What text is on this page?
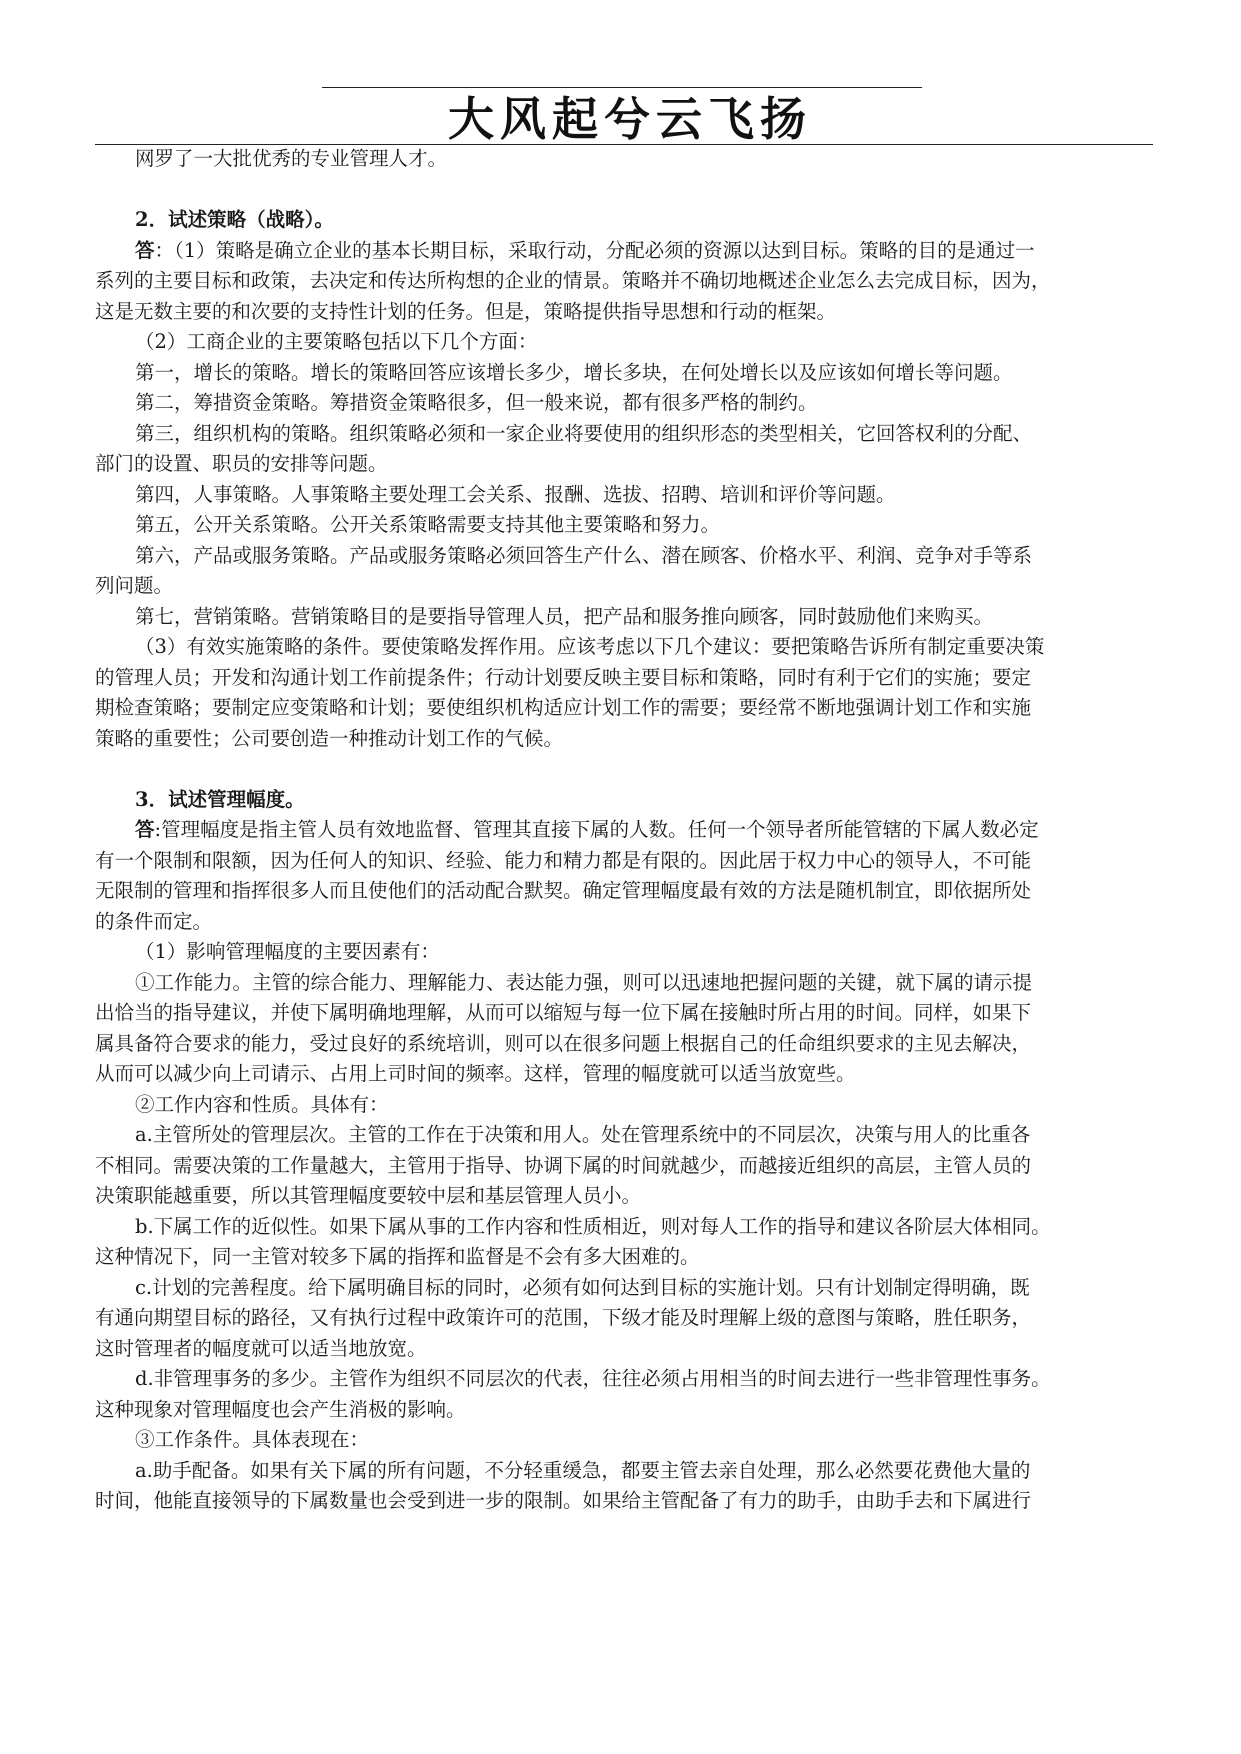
大风起兮云飞扬
网罗了一大批优秀的专业管理人才。
2．试述策略（战略）。
答：（1）策略是确立企业的基本长期目标，采取行动，分配必须的资源以达到目标。策略的目的是通过一
系列的主要目标和政策，去决定和传达所构想的企业的情景。策略并不确切地概述企业怎么去完成目标，因为，
这是无数主要的和次要的支持性计划的任务。但是，策略提供指导思想和行动的框架。
（2）工商企业的主要策略包括以下几个方面：
第一，增长的策略。增长的策略回答应该增长多少，增长多块，在何处增长以及应该如何增长等问题。
第二，筹措资金策略。筹措资金策略很多，但一般来说，都有很多严格的制约。
第三，组织机构的策略。组织策略必须和一家企业将要使用的组织形态的类型相关，它回答权利的分配、
部门的设置、职员的安排等问题。
第四，人事策略。人事策略主要处理工会关系、报酬、选拔、招聘、培训和评价等问题。
第五，公开关系策略。公开关系策略需要支持其他主要策略和努力。
第六，产品或服务策略。产品或服务策略必须回答生产什么、潜在顾客、价格水平、利润、竞争对手等系
列问题。
第七，营销策略。营销策略目的是要指导管理人员，把产品和服务推向顾客，同时鼓励他们来购买。
（3）有效实施策略的条件。要使策略发挥作用。应该考虑以下几个建议：要把策略告诉所有制定重要决策
的管理人员；开发和沟通计划工作前提条件；行动计划要反映主要目标和策略，同时有利于它们的实施；要定
期检查策略；要制定应变策略和计划；要使组织机构适应计划工作的需要；要经常不断地强调计划工作和实施
策略的重要性；公司要创造一种推动计划工作的气候。
3．试述管理幅度。
答:管理幅度是指主管人员有效地监督、管理其直接下属的人数。任何一个领导者所能管辖的下属人数必定
有一个限制和限额，因为任何人的知识、经验、能力和精力都是有限的。因此居于权力中心的领导人，不可能
无限制的管理和指挥很多人而且使他们的活动配合默契。确定管理幅度最有效的方法是随机制宜，即依据所处
的条件而定。
（1）影响管理幅度的主要因素有：
①工作能力。主管的综合能力、理解能力、表达能力强，则可以迅速地把握问题的关键，就下属的请示提
出恰当的指导建议，并使下属明确地理解，从而可以缩短与每一位下属在接触时所占用的时间。同样，如果下
属具备符合要求的能力，受过良好的系统培训，则可以在很多问题上根据自己的任命组织要求的主见去解决，
从而可以减少向上司请示、占用上司时间的频率。这样，管理的幅度就可以适当放宽些。
②工作内容和性质。具体有：
a.主管所处的管理层次。主管的工作在于决策和用人。处在管理系统中的不同层次，决策与用人的比重各
不相同。需要决策的工作量越大，主管用于指导、协调下属的时间就越少，而越接近组织的高层，主管人员的
决策职能越重要，所以其管理幅度要较中层和基层管理人员小。
b.下属工作的近似性。如果下属从事的工作内容和性质相近，则对每人工作的指导和建议各阶层大体相同。
这种情况下，同一主管对较多下属的指挥和监督是不会有多大困难的。
c.计划的完善程度。给下属明确目标的同时，必须有如何达到目标的实施计划。只有计划制定得明确，既
有通向期望目标的路径，又有执行过程中政策许可的范围，下级才能及时理解上级的意图与策略，胜任职务，
这时管理者的幅度就可以适当地放宽。
d.非管理事务的多少。主管作为组织不同层次的代表，往往必须占用相当的时间去进行一些非管理性事务。
这种现象对管理幅度也会产生消极的影响。
③工作条件。具体表现在：
a.助手配备。如果有关下属的所有问题，不分轻重缓急，都要主管去亲自处理，那么必然要花费他大量的
时间，他能直接领导的下属数量也会受到进一步的限制。如果给主管配备了有力的助手，由助手去和下属进行
